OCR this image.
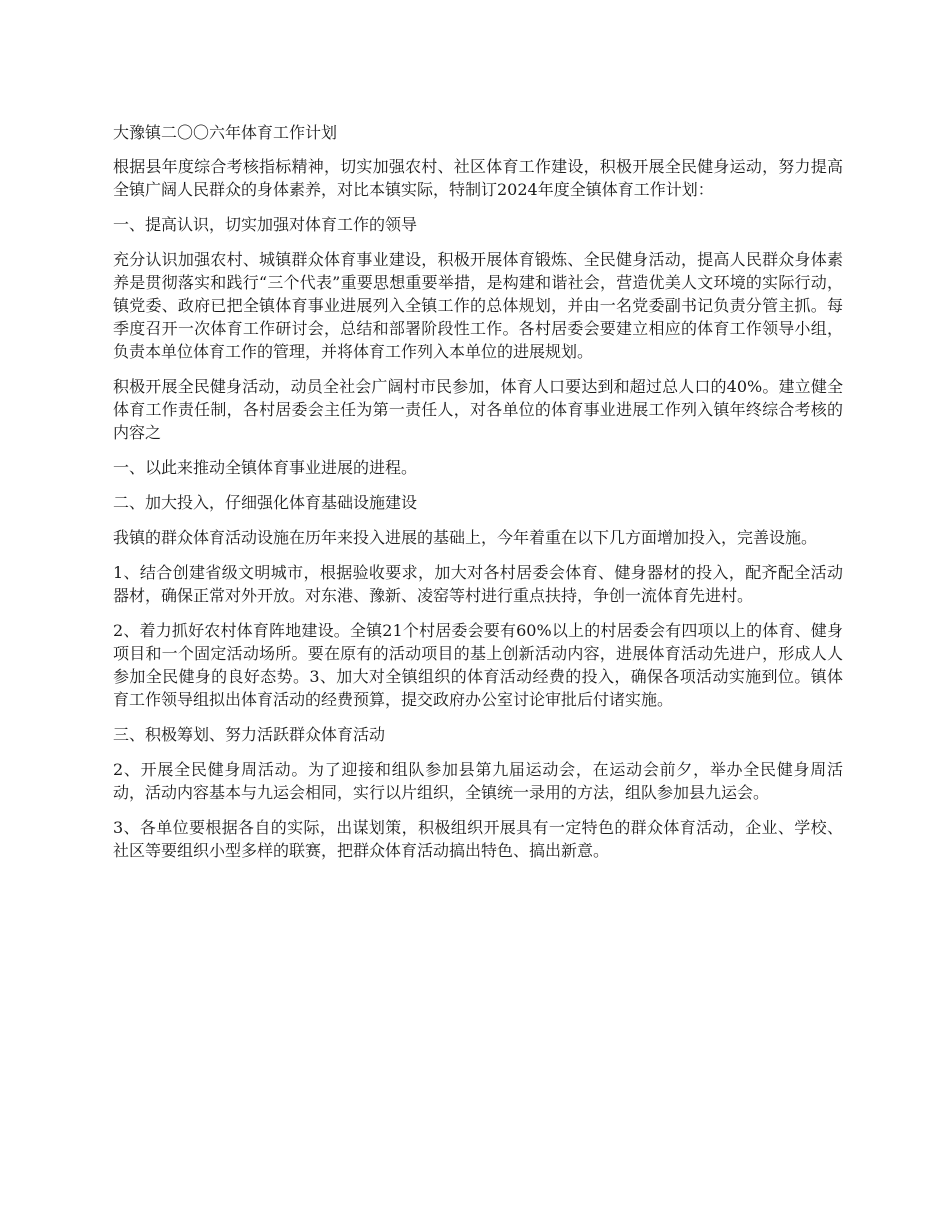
大豫镇二〇〇六年体育工作计划

根据县年度综合考核指标精神，切实加强农村、社区体育工作建设，积极开展全民健身运动，努力提高全镇广阔人民群众的身体素养，对比本镇实际，特制订2024年度全镇体育工作计划：

一、提高认识，切实加强对体育工作的领导

充分认识加强农村、城镇群众体育事业建设，积极开展体育锻炼、全民健身活动，提高人民群众身体素养是贯彻落实和践行“三个代表”重要思想重要举措，是构建和谐社会，营造优美人文环境的实际行动，镇党委、政府已把全镇体育事业进展列入全镇工作的总体规划，并由一名党委副书记负责分管主抓。每季度召开一次体育工作研讨会，总结和部署阶段性工作。各村居委会要建立相应的体育工作领导小组，负责本单位体育工作的管理，并将体育工作列入本单位的进展规划。

积极开展全民健身活动，动员全社会广阔村市民参加，体育人口要达到和超过总人口的40%。建立健全体育工作责任制，各村居委会主任为第一责任人，对各单位的体育事业进展工作列入镇年终综合考核的内容之

一、以此来推动全镇体育事业进展的进程。

二、加大投入，仔细强化体育基础设施建设

我镇的群众体育活动设施在历年来投入进展的基础上，今年着重在以下几方面增加投入，完善设施。

1、结合创建省级文明城市，根据验收要求，加大对各村居委会体育、健身器材的投入，配齐配全活动器材，确保正常对外开放。对东港、豫新、凌窑等村进行重点扶持，争创一流体育先进村。

2、着力抓好农村体育阵地建设。全镇21个村居委会要有60%以上的村居委会有四项以上的体育、健身项目和一个固定活动场所。要在原有的活动项目的基上创新活动内容，进展体育活动先进户，形成人人参加全民健身的良好态势。3、加大对全镇组织的体育活动经费的投入，确保各项活动实施到位。镇体育工作领导组拟出体育活动的经费预算，提交政府办公室讨论审批后付诸实施。

三、积极筹划、努力活跃群众体育活动

2、开展全民健身周活动。为了迎接和组队参加县第九届运动会，在运动会前夕，举办全民健身周活动，活动内容基本与九运会相同，实行以片组织，全镇统一录用的方法，组队参加县九运会。

3、各单位要根据各自的实际，出谋划策，积极组织开展具有一定特色的群众体育活动，企业、学校、社区等要组织小型多样的联赛，把群众体育活动搞出特色、搞出新意。
